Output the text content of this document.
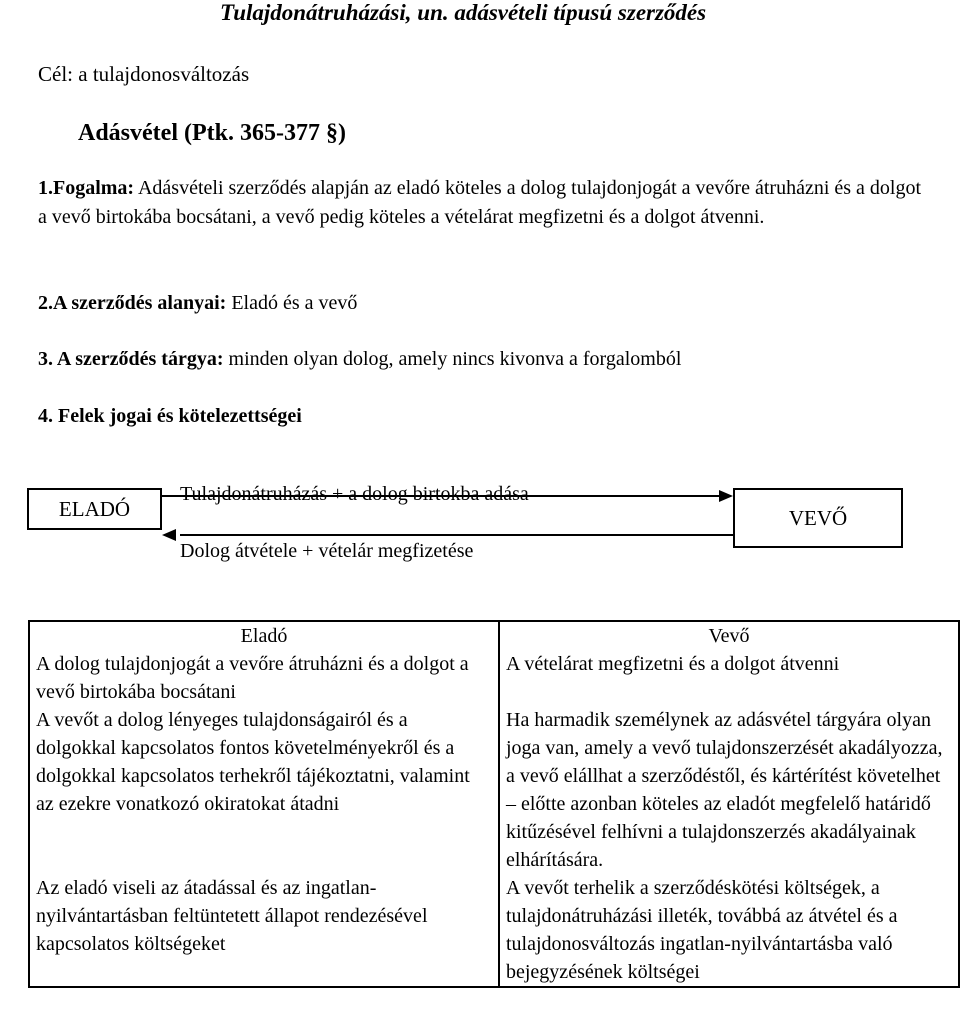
Tulajdonátruházási, un. adásvételi típusú szerződés
Cél: a tulajdonosváltozás
Adásvétel (Ptk. 365-377 §)
1.Fogalma: Adásvételi szerződés alapján az eladó köteles a dolog tulajdonjogát a vevőre átruházni és a dolgot a vevő birtokába bocsátani, a vevő pedig köteles a vételárat megfizetni és a dolgot átvenni.
2.A szerződés alanyai: Eladó és a vevő
3. A szerződés tárgya: minden olyan dolog, amely nincs kivonva a forgalomból
4. Felek jogai és kötelezettségei
ELADÓ	VEVŐ
Tulajdonátruházás + a dolog birtokba adása
Dolog átvétele + vételár megfizetése
Eladó	Vevő
A dolog tulajdonjogát a vevőre átruházni és a dolgot a vevő birtokába bocsátani	A vételárat megfizetni és a dolgot átvenni
A vevőt a dolog lényeges tulajdonságairól és a dolgokkal kapcsolatos fontos követelményekről és a dolgokkal kapcsolatos terhekről tájékoztatni, valamint az ezekre vonatkozó okiratokat átadni	Ha harmadik személynek az adásvétel tárgyára olyan joga van, amely a vevő tulajdonszerzését akadályozza, a vevő elállhat a szerződéstől, és kártérítést követelhet – előtte azonban köteles az eladót megfelelő határidő kitűzésével felhívni a tulajdonszerzés akadályainak elhárítására.
Az eladó viseli az átadással és az ingatlan-nyilvántartásban feltüntetett állapot rendezésével kapcsolatos költségeket	A vevőt terhelik a szerződéskötési költségek, a tulajdonátruházási illeték, továbbá az átvétel és a tulajdonosváltozás ingatlan-nyilvántartásba való bejegyzésének költségei
